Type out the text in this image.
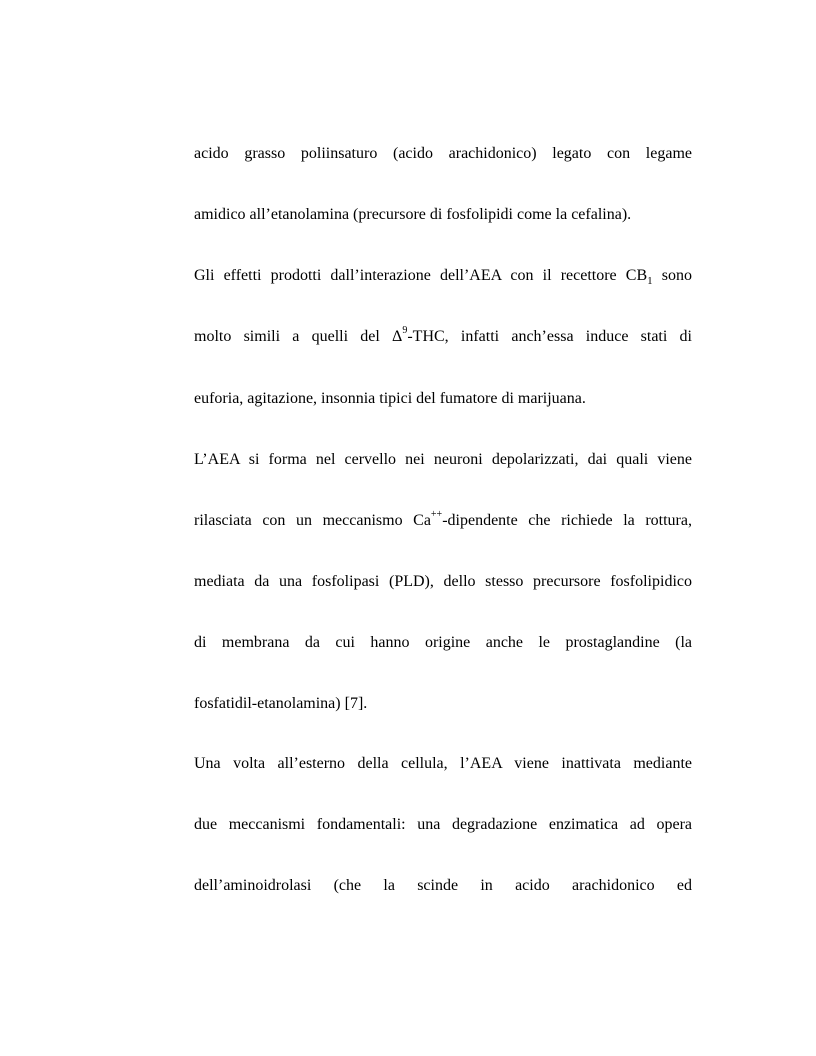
acido grasso poliinsaturo (acido arachidonico) legato con legame
amidico all’etanolamina (precursore di fosfolipidi come la cefalina).
Gli effetti prodotti dall’interazione dell’AEA con il recettore $CB_1$ sono
molto simili a quelli del $\Delta^9$-THC, infatti anch’essa induce stati di
euforia, agitazione, insonnia tipici del fumatore di marijuana.
L’AEA si forma nel cervello nei neuroni depolarizzati, dai quali viene
rilasciata con un meccanismo Ca++-dipendente che richiede la rottura,
mediata da una fosfolipasi (PLD), dello stesso precursore fosfolipidico
di membrana da cui hanno origine anche le prostaglandine (la
fosfatidil-etanolamina) [7].
Una volta all’esterno della cellula, l’AEA viene inattivata mediante
due meccanismi fondamentali: una degradazione enzimatica ad opera
dell’aminoidrolasi (che la scinde in acido arachidonico ed
